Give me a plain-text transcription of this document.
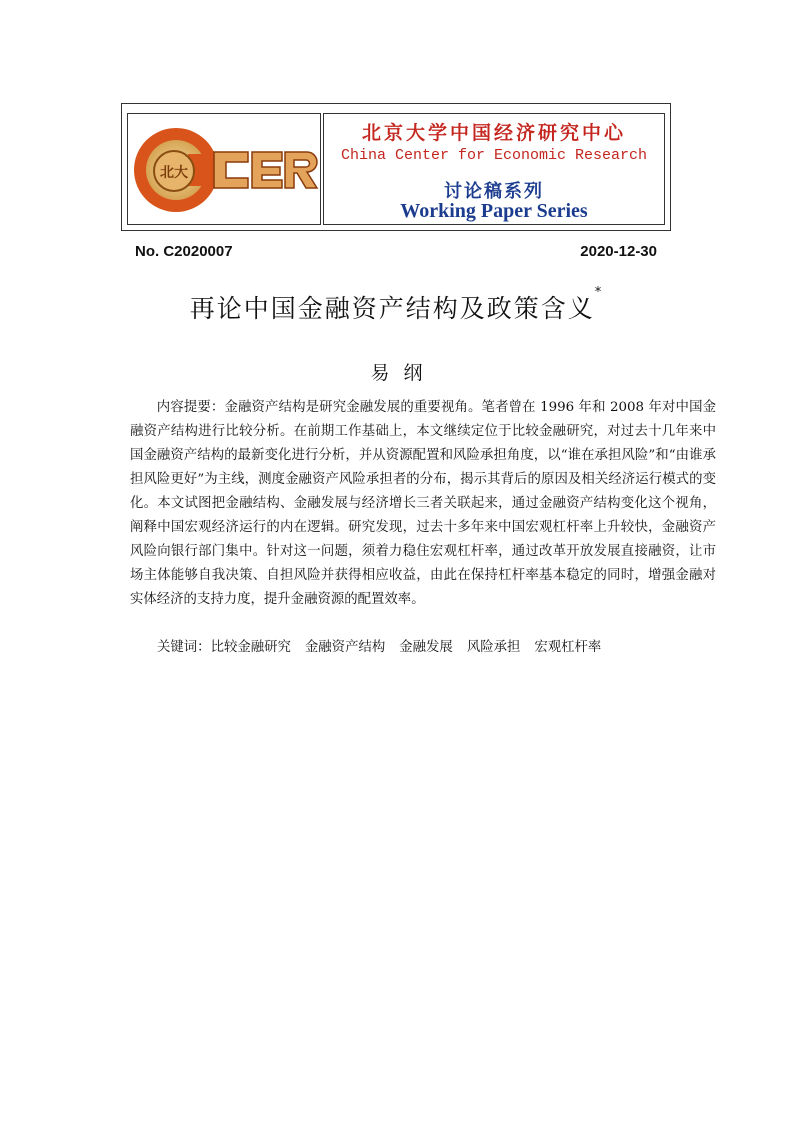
北大
CCER
北京大学中国经济研究中心
China Center for Economic Research
讨论稿系列
Working Paper Series
No. C2020007	2020-12-30
再论中国金融资产结构及政策含义*
易 纲
内容提要：金融资产结构是研究金融发展的重要视角。笔者曾在 1996 年和 2008 年对中国金融资产结构进行比较分析。在前期工作基础上，本文继续定位于比较金融研究，对过去十几年来中国金融资产结构的最新变化进行分析，并从资源配置和风险承担角度，以“谁在承担风险”和“由谁承担风险更好”为主线，测度金融资产风险承担者的分布，揭示其背后的原因及相关经济运行模式的变化。本文试图把金融结构、金融发展与经济增长三者关联起来，通过金融资产结构变化这个视角，阐释中国宏观经济运行的内在逻辑。研究发现，过去十多年来中国宏观杠杆率上升较快，金融资产风险向银行部门集中。针对这一问题，须着力稳住宏观杠杆率，通过改革开放发展直接融资，让市场主体能够自我决策、自担风险并获得相应收益，由此在保持杠杆率基本稳定的同时，增强金融对实体经济的支持力度，提升金融资源的配置效率。
关键词：比较金融研究 金融资产结构 金融发展 风险承担 宏观杠杆率
